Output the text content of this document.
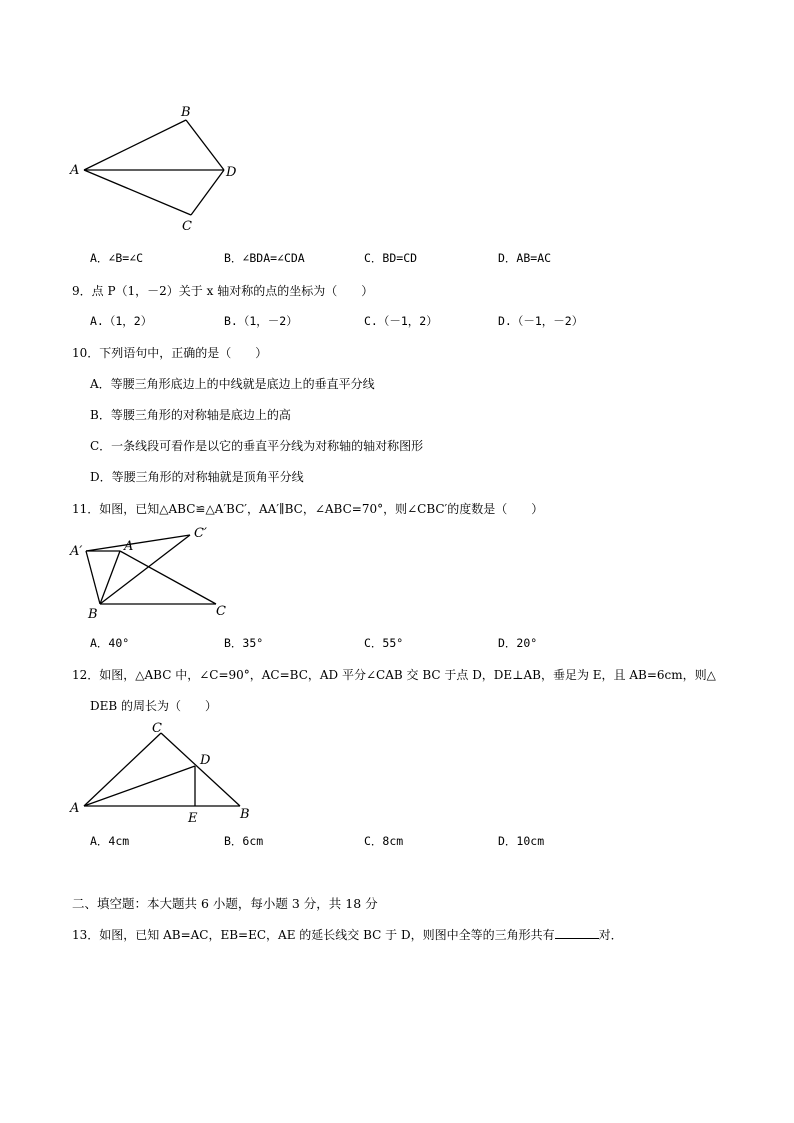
B
A	D
C
A．∠B=∠C	B．∠BDA=∠CDA	C．BD=CD	D．AB=AC
9．点 P（1，－2）关于 x 轴对称的点的坐标为（　　）
A.（1，2）	B.（1，－2）	C.（－1，2）	D.（－1，－2）
10．下列语句中，正确的是（　　）
A．等腰三角形底边上的中线就是底边上的垂直平分线
B．等腰三角形的对称轴是底边上的高
C．一条线段可看作是以它的垂直平分线为对称轴的轴对称图形
D．等腰三角形的对称轴就是顶角平分线
11．如图，已知△ABC≌△A′BC′，AA′∥BC，∠ABC=70°，则∠CBC′的度数是（　　）
A′	A
C′
B	C
A．40°	B．35°	C．55°	D．20°
12．如图，△ABC 中，∠C=90°，AC=BC，AD 平分∠CAB 交 BC 于点 D，DE⊥AB，垂足为 E，且 AB=6cm，则△
DEB 的周长为（　　）
C
D
A
E	B
A．4cm	B．6cm	C．8cm	D．10cm
二、填空题：本大题共 6 小题，每小题 3 分，共 18 分
13．如图，已知 AB=AC，EB=EC，AE 的延长线交 BC 于 D，则图中全等的三角形共有	对．
